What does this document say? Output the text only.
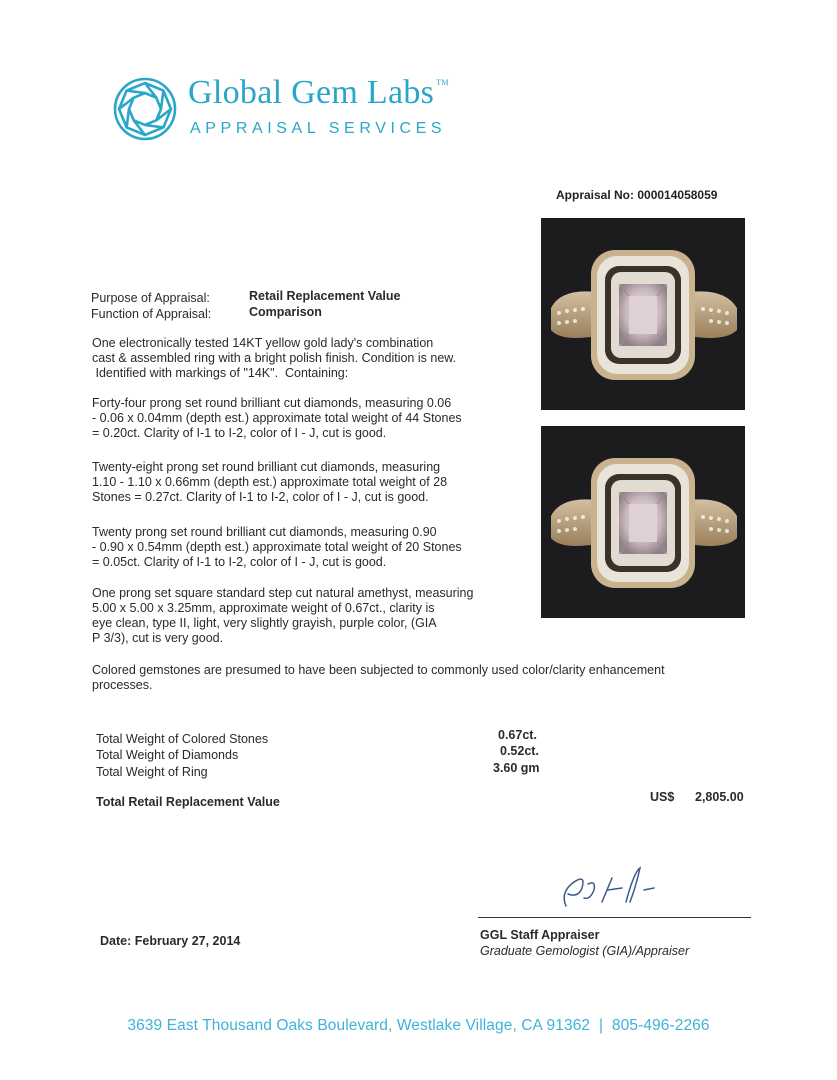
Global Gem Labs ™
APPRAISAL SERVICES
Appraisal No: 000014058059
Purpose of Appraisal:	Retail Replacement Value
Function of Appraisal:	Comparison
One electronically tested 14KT yellow gold lady's combination
cast & assembled ring with a bright polish finish. Condition is new.
Identified with markings of "14K".  Containing:
Forty-four prong set round brilliant cut diamonds, measuring 0.06
- 0.06 x 0.04mm (depth est.) approximate total weight of 44 Stones
= 0.20ct. Clarity of I-1 to I-2, color of I - J, cut is good.
Twenty-eight prong set round brilliant cut diamonds, measuring
1.10 - 1.10 x 0.66mm (depth est.) approximate total weight of 28
Stones = 0.27ct. Clarity of I-1 to I-2, color of I - J, cut is good.
Twenty prong set round brilliant cut diamonds, measuring 0.90
- 0.90 x 0.54mm (depth est.) approximate total weight of 20 Stones
= 0.05ct. Clarity of I-1 to I-2, color of I - J, cut is good.
One prong set square standard step cut natural amethyst, measuring
5.00 x 5.00 x 3.25mm, approximate weight of 0.67ct., clarity is
eye clean, type II, light, very slightly grayish, purple color, (GIA
P 3/3), cut is very good.
Colored gemstones are presumed to have been subjected to commonly used color/clarity enhancement
processes.
Total Weight of Colored Stones	0.67ct.
Total Weight of Diamonds	0.52ct.
Total Weight of Ring	3.60 gm
Total Retail Replacement Value	US$ 2,805.00
Date: February 27, 2014	GGL Staff Appraiser
Graduate Gemologist (GIA)/Appraiser
3639 East Thousand Oaks Boulevard, Westlake Village, CA 91362  |  805-496-2266
